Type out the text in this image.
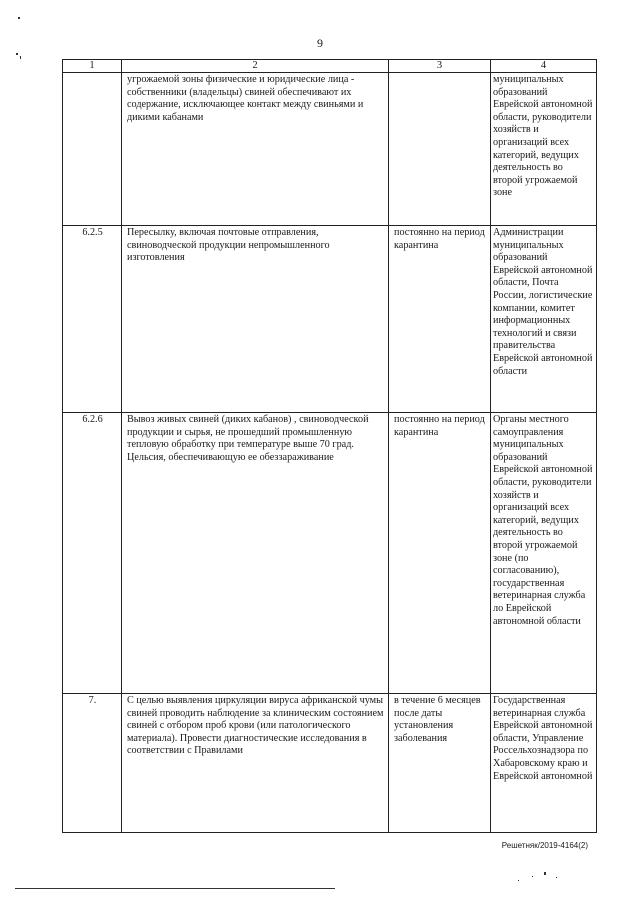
9
1	2	3	4
	угрожаемой зоны физические и юридические лица - собственники (владельцы) свиней обеспечивают их содержание, исключающее контакт между свиньями и дикими кабанами		муниципальных образований Еврейской автономной области, руководители хозяйств и организаций всех категорий, ведущих деятельность во второй угрожаемой зоне
6.2.5	Пересылку, включая почтовые отправления, свиноводческой продукции непромышленного изготовления	постоянно на период карантина	Администрации муниципальных образований Еврейской автономной области, Почта России, логистические компании, комитет информационных технологий и связи правительства Еврейской автономной области
6.2.6	Вывоз живых свиней (диких кабанов) , свиноводческой продукции и сырья, не прошедший промышленную тепловую обработку при температуре выше 70 град. Цельсия, обеспечивающую ее обеззараживание	постоянно на период карантина	Органы местного самоуправления муниципальных образований Еврейской автономной области, руководители хозяйств и организаций всех категорий, ведущих деятельность во второй угрожаемой зоне (по согласованию), государственная ветеринарная служба ло Еврейской автономной области
7.	С целью выявления циркуляции вируса африканской чумы свиней проводить наблюдение за клиническим состоянием свиней с отбором проб крови (или патологического материала). Провести диагностические исследования в соответствии с Правилами	в течение 6 месяцев после даты установления заболевания	Государственная ветеринарная служба Еврейской автономной области, Управление Россельхознадзора по Хабаровскому краю и Еврейской автономной
Решетняк/2019-4164(2)
